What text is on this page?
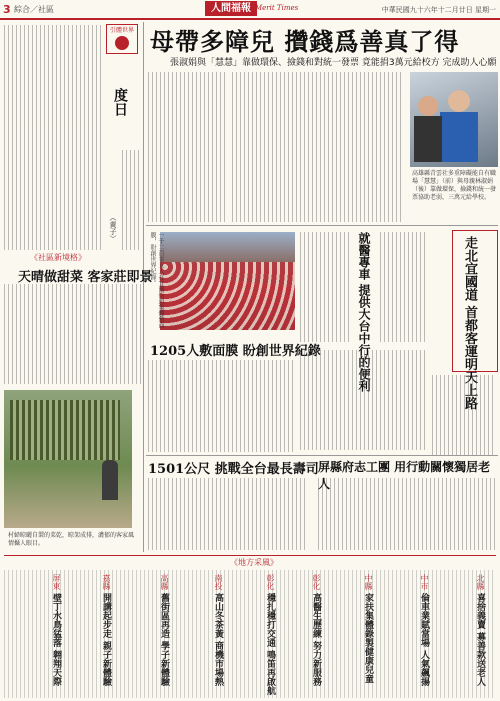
3 綜合／社區	人間福報 Merit Times	中華民國九十六年十二月廿日 星期一
引體世界
度日
（黄子）
母帶多障兒 攢錢爲善真了得
張淑娟與「慧慧」靠做環保、撿錢和對統一發票 竟能捐3萬元給校方 完成助人心願
高雄縣青雲社多重障礙能自有職場「慧慧」（前）與母親林淑娟（後）靠做環保，撿錢和統一發票協助老弱，三萬元給學校。
《社區新境格》
天晴做甜菜 客家莊即景
村婦晾曬自製的菜乾，晾架成排，濃郁的客家風情攝人眼目。
一千二百零五人在宜蘭街頭集體敷面膜，盼創世界紀錄。
1205人敷面膜 盼創世界紀錄	就醫專車 提供大台中行的便利	走北宜國道 首都客運明天上路
1501公尺 挑戰全台最長壽司 屏縣府志工團 用行動關懷獨居老人
《地方采風》
北縣 喜捨義賣 募善款送老人
中市 倫車業賦當場 人氣飆揚
中縣 家扶集體錄製健康兒童
彰化 高醫生歷練 努力新服務
彰化 穩扎穩打交通 鳴笛再啟航
南投 高山冬茶黃 商機市場熱
高縣 舊街區再造 學子新體驗
嘉縣 開講起步走 親子新體驗
屏東 壁丁水鳥猛落 翱翔天際
